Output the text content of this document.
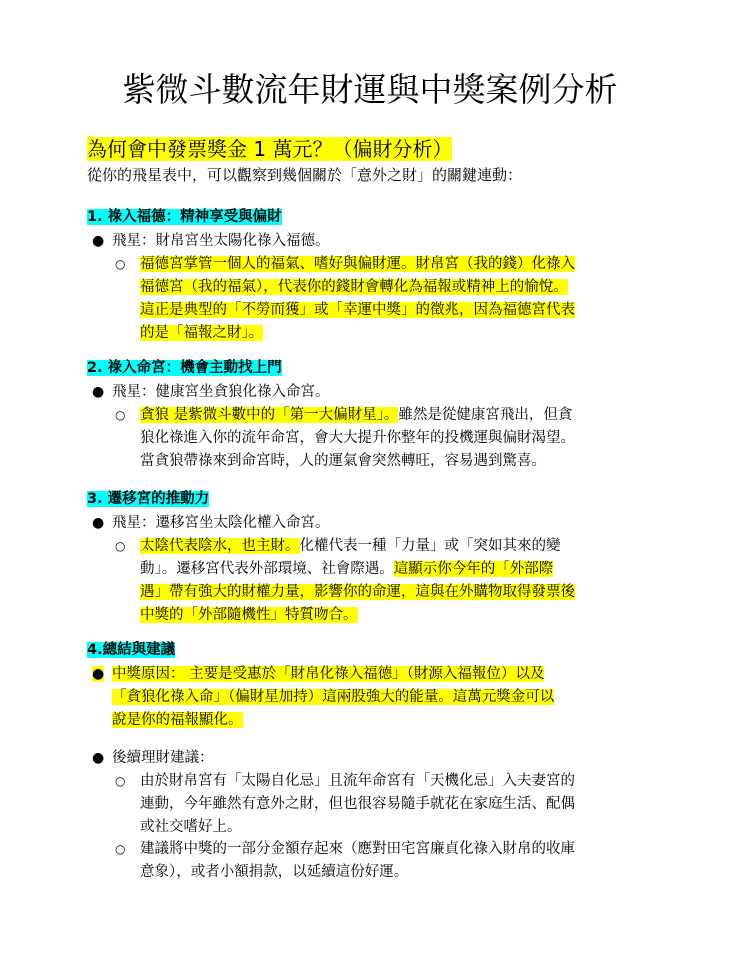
紫微斗數流年財運與中獎案例分析
為何會中發票獎金 1 萬元？（偏財分析）
從你的飛星表中，可以觀察到幾個關於「意外之財」的關鍵連動：
1. 祿入福德：精神享受與偏財
● 飛星：財帛宮坐太陽化祿入福德。
○ 福德宮掌管一個人的福氣、嗜好與偏財運。財帛宮（我的錢）化祿入
福德宮（我的福氣），代表你的錢財會轉化為福報或精神上的愉悅。
這正是典型的「不勞而獲」或「幸運中獎」的徵兆，因為福德宮代表
的是「福報之財」。
2. 祿入命宮：機會主動找上門
● 飛星：健康宮坐貪狼化祿入命宮。
○ 貪狼 是紫微斗數中的「第一大偏財星」。雖然是從健康宮飛出，但貪
狼化祿進入你的流年命宮，會大大提升你整年的投機運與偏財渴望。
當貪狼帶祿來到命宮時，人的運氣會突然轉旺，容易遇到驚喜。
3. 遷移宮的推動力
● 飛星：遷移宮坐太陰化權入命宮。
○ 太陰代表陰水，也主財。化權代表一種「力量」或「突如其來的變
動」。遷移宮代表外部環境、社會際遇。這顯示你今年的「外部際
遇」帶有強大的財權力量，影響你的命運，這與在外購物取得發票後
中獎的「外部隨機性」特質吻合。
4.總結與建議
● 中獎原因： 主要是受惠於「財帛化祿入福德」（財源入福報位）以及
「貪狼化祿入命」（偏財星加持）這兩股強大的能量。這萬元獎金可以
說是你的福報顯化。
● 後續理財建議：
○ 由於財帛宮有「太陽自化忌」且流年命宮有「天機化忌」入夫妻宮的
連動，今年雖然有意外之財，但也很容易隨手就花在家庭生活、配偶
或社交嗜好上。
○ 建議將中獎的一部分金額存起來（應對田宅宮廉貞化祿入財帛的收庫
意象），或者小額捐款，以延續這份好運。
